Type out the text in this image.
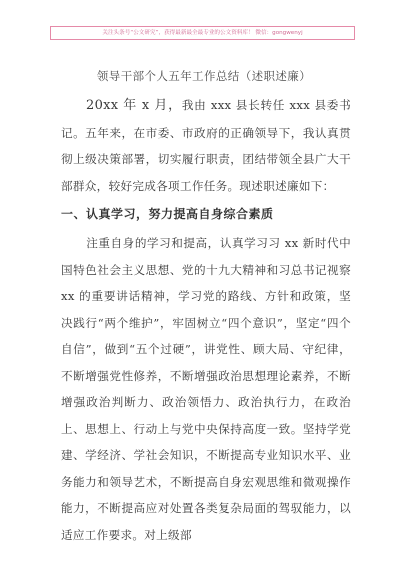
关注头条号“公文研究”，获得最新最全最专业的公文资料库！ 微信：gongwenyj
领导干部个人五年工作总结（述职述廉）
20xx 年 x 月，我由 xxx 县长转任 xxx 县委书记。五年来，在市委、市政府的正确领导下，我认真贯彻上级决策部署，切实履行职责，团结带领全县广大干部群众，较好完成各项工作任务。现述职述廉如下：
一、认真学习，努力提高自身综合素质
注重自身的学习和提高，认真学习习 xx 新时代中国特色社会主义思想、党的十九大精神和习总书记视察 xx 的重要讲话精神，学习党的路线、方针和政策，坚决践行“两个维护”，牢固树立“四个意识”，坚定“四个自信”，做到“五个过硬”，讲党性、顾大局、守纪律，不断增强党性修养，不断增强政治思想理论素养，不断增强政治判断力、政治领悟力、政治执行力，在政治上、思想上、行动上与党中央保持高度一致。坚持学党建、学经济、学社会知识，不断提高专业知识水平、业务能力和领导艺术，不断提高自身宏观思维和微观操作能力，不断提高应对处置各类复杂局面的驾驭能力，以适应工作要求。对上级部
